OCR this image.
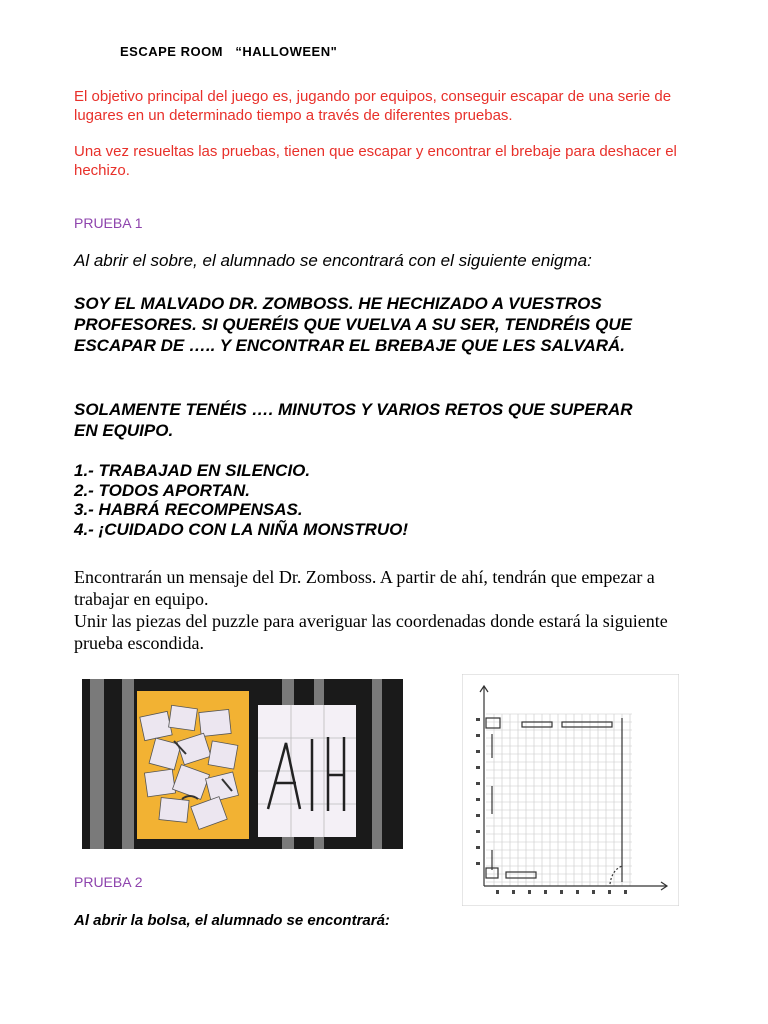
ESCAPE ROOM   “HALLOWEEN"
El objetivo principal del juego es, jugando por equipos, conseguir escapar de una serie de lugares en un determinado tiempo a través de diferentes pruebas.
Una vez resueltas las pruebas, tienen que escapar y encontrar el brebaje para deshacer el hechizo.
PRUEBA 1
Al abrir el sobre, el alumnado se encontrará con el siguiente enigma:
SOY EL MALVADO DR. ZOMBOSS. HE HECHIZADO A VUESTROS PROFESORES. SI QUERÉIS QUE VUELVA A SU SER, TENDRÉIS QUE ESCAPAR DE ….. Y ENCONTRAR EL BREBAJE QUE LES SALVARÁ.
SOLAMENTE TENÉIS …. MINUTOS Y VARIOS RETOS QUE SUPERAR EN EQUIPO.
1.- TRABAJAD EN SILENCIO.
2.- TODOS APORTAN.
3.- HABRÁ RECOMPENSAS.
4.- ¡CUIDADO CON LA NIÑA MONSTRUO!
Encontrarán un mensaje del Dr. Zomboss. A partir de ahí, tendrán que empezar a trabajar en equipo.
Unir las piezas del puzzle para averiguar las coordenadas donde estará la siguiente prueba escondida.
PRUEBA 2
Al abrir la bolsa, el alumnado se encontrará:
